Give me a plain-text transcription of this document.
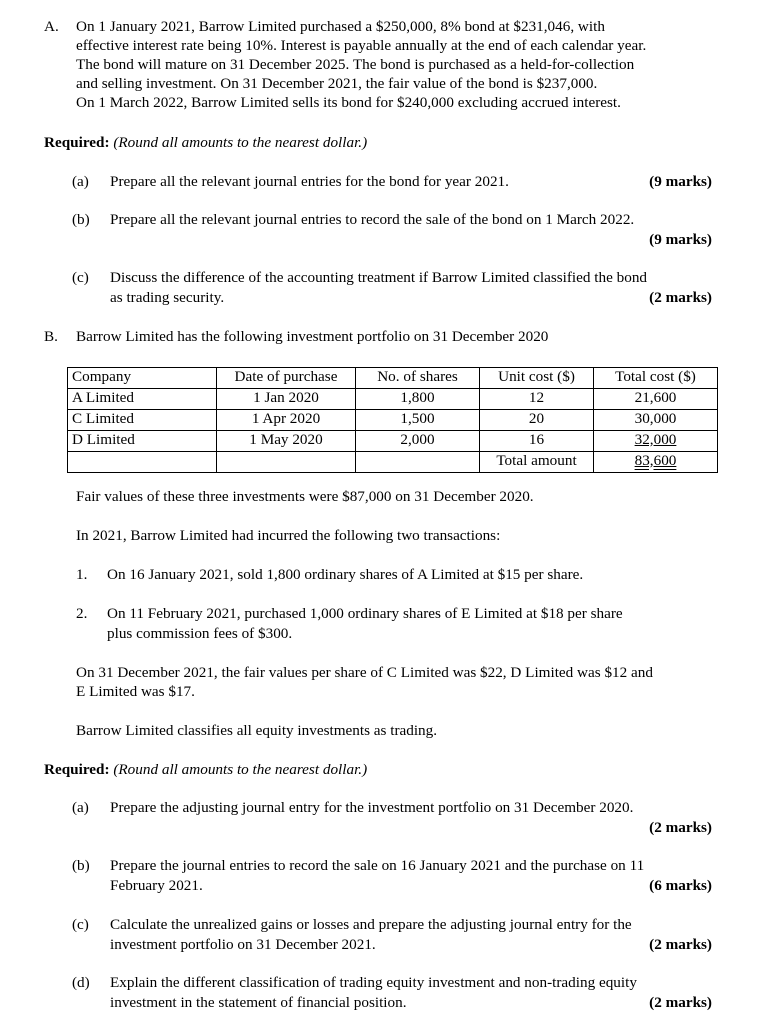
A. On 1 January 2021, Barrow Limited purchased a $250,000, 8% bond at $231,046, with
effective interest rate being 10%. Interest is payable annually at the end of each calendar year.
The bond will mature on 31 December 2025. The bond is purchased as a held-for-collection
and selling investment. On 31 December 2021, the fair value of the bond is $237,000.
On 1 March 2022, Barrow Limited sells its bond for $240,000 excluding accrued interest.
Required: (Round all amounts to the nearest dollar.)
(a) Prepare all the relevant journal entries for the bond for year 2021.	(9 marks)
(b) Prepare all the relevant journal entries to record the sale of the bond on 1 March 2022.
(9 marks)
(c) Discuss the difference of the accounting treatment if Barrow Limited classified the bond
as trading security.	(2 marks)
B. Barrow Limited has the following investment portfolio on 31 December 2020
Company	Date of purchase	No. of shares	Unit cost ($)	Total cost ($)
A Limited	1 Jan 2020	1,800	12	21,600
C Limited	1 Apr 2020	1,500	20	30,000
D Limited	1 May 2020	2,000	16	32,000
			Total amount	83,600
Fair values of these three investments were $87,000 on 31 December 2020.
In 2021, Barrow Limited had incurred the following two transactions:
1. On 16 January 2021, sold 1,800 ordinary shares of A Limited at $15 per share.
2. On 11 February 2021, purchased 1,000 ordinary shares of E Limited at $18 per share
plus commission fees of $300.
On 31 December 2021, the fair values per share of C Limited was $22, D Limited was $12 and
E Limited was $17.
Barrow Limited classifies all equity investments as trading.
Required: (Round all amounts to the nearest dollar.)
(a) Prepare the adjusting journal entry for the investment portfolio on 31 December 2020.
(2 marks)
(b) Prepare the journal entries to record the sale on 16 January 2021 and the purchase on 11
February 2021.	(6 marks)
(c) Calculate the unrealized gains or losses and prepare the adjusting journal entry for the
investment portfolio on 31 December 2021.	(2 marks)
(d) Explain the different classification of trading equity investment and non-trading equity
investment in the statement of financial position.	(2 marks)
